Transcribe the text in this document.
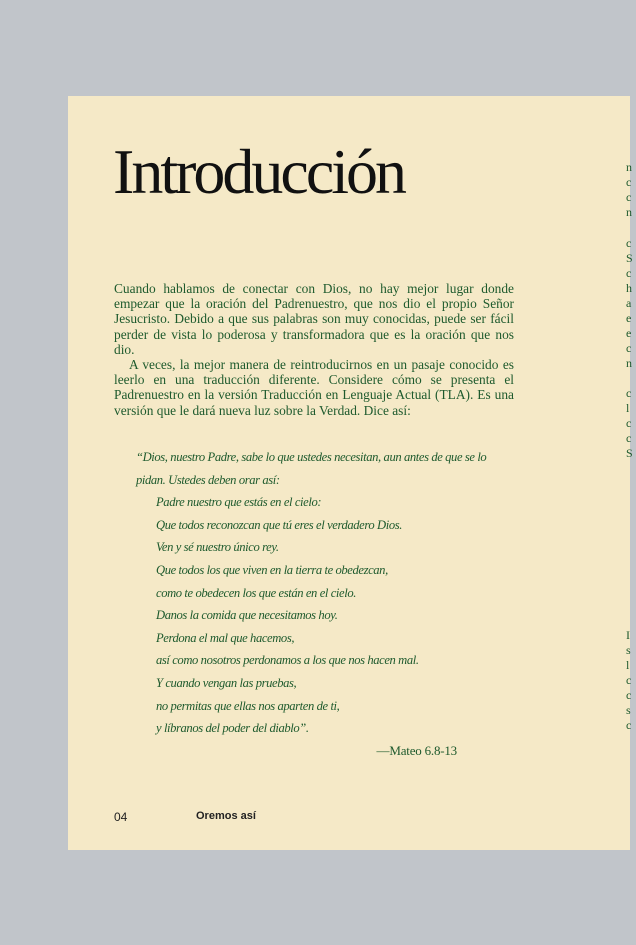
Introducción

Cuando hablamos de conectar con Dios, no hay mejor lugar donde empezar que la oración del Padrenuestro, que nos dio el propio Señor Jesucristo. Debido a que sus palabras son muy conocidas, puede ser fácil perder de vista lo poderosa y transformadora que es la oración que nos dio.

A veces, la mejor manera de reintroducirnos en un pasaje conocido es leerlo en una traducción diferente. Considere cómo se presenta el Padrenuestro en la versión Traducción en Lenguaje Actual (TLA). Es una versión que le dará nueva luz sobre la Verdad. Dice así:

“Dios, nuestro Padre, sabe lo que ustedes necesitan, aun antes de que se lo
pidan. Ustedes deben orar así:
Padre nuestro que estás en el cielo:
Que todos reconozcan que tú eres el verdadero Dios.
Ven y sé nuestro único rey.
Que todos los que viven en la tierra te obedezcan,
como te obedecen los que están en el cielo.
Danos la comida que necesitamos hoy.
Perdona el mal que hacemos,
así como nosotros perdonamos a los que nos hacen mal.
Y cuando vengan las pruebas,
no permitas que ellas nos aparten de ti,
y líbranos del poder del diablo”.
—Mateo 6.8-13
04	Oremos así
n
c
c
n
c
S
c
h
a
e
e
c
n
c
l
c
c
S
I
s
l
c
c
s
c
